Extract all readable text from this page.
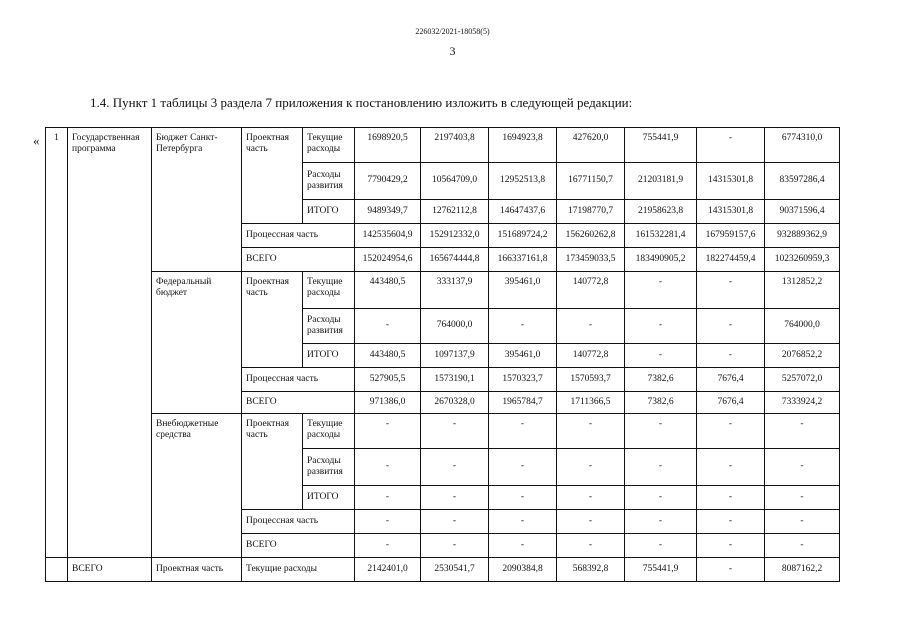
226032/2021-18058(5)
3
1.4. Пункт 1 таблицы 3 раздела 7 приложения к постановлению изложить в следующей редакции:
« 1	Государственная программа	Бюджет Санкт-Петербурга	Проектная часть	Текущие расходы	1698920,5	2197403,8	1694923,8	427620,0	755441,9	-	6774310,0
				Расходы развития	7790429,2	10564709,0	12952513,8	16771150,7	21203181,9	14315301,8	83597286,4
				ИТОГО	9489349,7	12762112,8	14647437,6	17198770,7	21958623,8	14315301,8	90371596,4
			Процессная часть		142535604,9	152912332,0	151689724,2	156260262,8	161532281,4	167959157,6	932889362,9
			ВСЕГО		152024954,6	165674444,8	166337161,8	173459033,5	183490905,2	182274459,4	1023260959,3

		Федеральный бюджет	Проектная часть	Текущие расходы	443480,5	333137,9	395461,0	140772,8	-	-	1312852,2
				Расходы развития	-	764000,0	-	-	-	-	764000,0
				ИТОГО	443480,5	1097137,9	395461,0	140772,8	-	-	2076852,2
			Процессная часть		527905,5	1573190,1	1570323,7	1570593,7	7382,6	7676,4	5257072,0
			ВСЕГО		971386,0	2670328,0	1965784,7	1711366,5	7382,6	7676,4	7333924,2

		Внебюджетные средства	Проектная часть	Текущие расходы	-	-	-	-	-	-	-
				Расходы развития	-	-	-	-	-	-	-
				ИТОГО	-	-	-	-	-	-	-
			Процессная часть		-	-	-	-	-	-	-
			ВСЕГО		-	-	-	-	-	-	-

	ВСЕГО	Проектная часть	Текущие расходы		2142401,0	2530541,7	2090384,8	568392,8	755441,9	-	8087162,2
